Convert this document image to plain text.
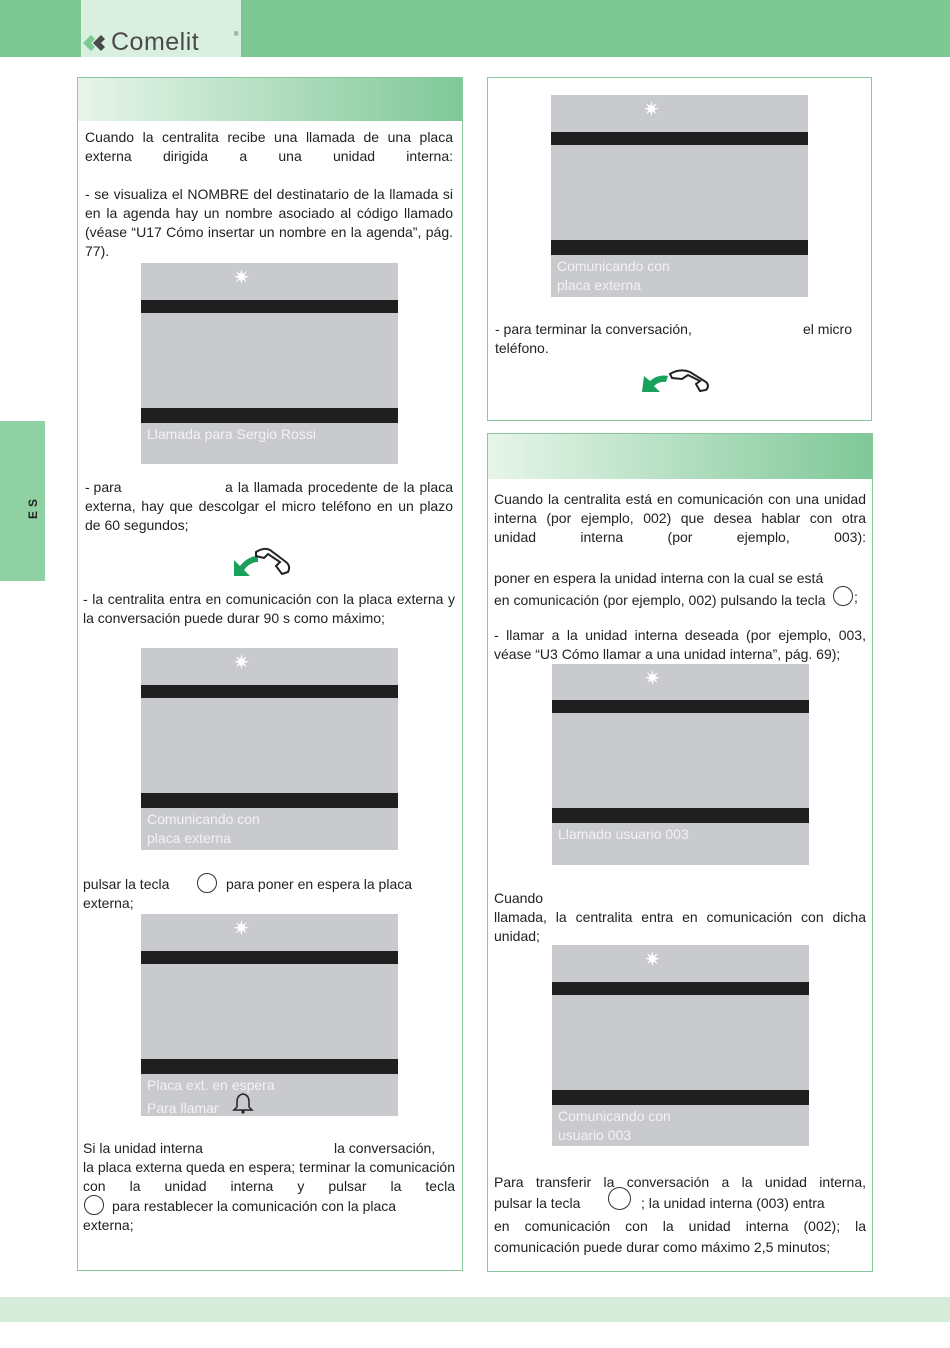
Comelit	®
ES
Cuando la centralita recibe una llamada de una placa externa dirigida a una unidad interna:
- se visualiza el NOMBRE del destinatario de la llamada si en la agenda hay un nombre asociado al código llamado (véase “U17 Cómo insertar un nombre en la agenda”, pág. 77).
✷
Llamada para Sergio Rossi
- para	a la llamada procedente de la placa externa, hay que descolgar el micro teléfono en un plazo de 60 segundos;
- la centralita entra en comunicación con la placa externa y la conversación puede durar 90 s como máximo;
✷
Comunicando con
placa externa
pulsar la tecla	para poner en espera la placa
externa;
✷
Placa ext. en espera
Para llamar
Si la unidad interna	la conversación,
la placa externa queda en espera; terminar la comunicación con la unidad interna y pulsar la tecla
para restablecer la comunicación con la placa
externa;
✷
Comunicando con
placa externa
- para terminar la conversación,	el micro
teléfono.
Cuando la centralita está en comunicación con una unidad interna (por ejemplo, 002) que desea hablar con otra unidad interna (por ejemplo, 003):
poner en espera la unidad interna con la cual se está en comunicación (por ejemplo, 002) pulsando la tecla	;
- llamar a la unidad interna deseada (por ejemplo, 003, véase “U3 Cómo llamar a una unidad interna”, pág. 69);
✷
Llamado usuario 003
Cuando
llamada, la centralita entra en comunicación con dicha unidad;
✷
Comunicando con
usuario 003
Para transferir la conversación a la unidad interna,
pulsar la tecla	; la unidad interna (003) entra
en comunicación con la unidad interna (002); la comunicación puede durar como máximo 2,5 minutos;
